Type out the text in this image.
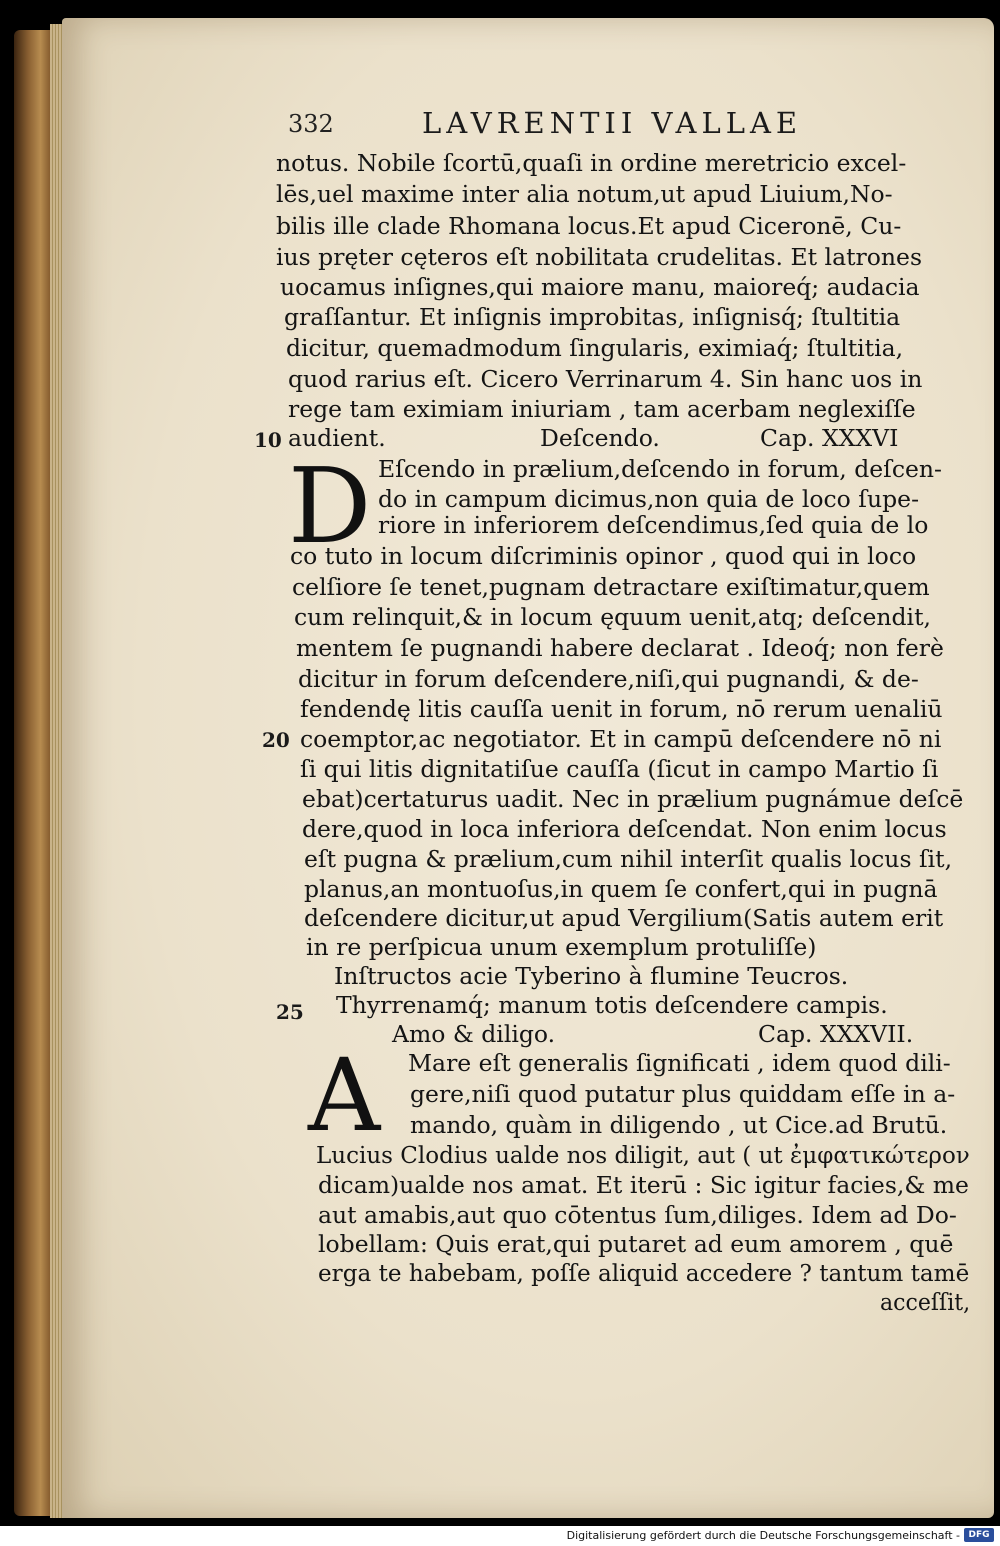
332	LAVRENTII VALLAE
notus. Nobile ſcortū,quaſi in ordine meretricio excel-
lēs,uel maxime inter alia notum,ut apud Liuium,No-
bilis ille clade Rhomana locus.Et apud Ciceronē, Cu-
ius pręter cęteros eſt nobilitata crudelitas. Et latrones
uocamus inſignes,qui maiore manu, maioreq́; audacia
graſſantur. Et inſignis improbitas, inſignisq́; ſtultitia
dicitur, quemadmodum ſingularis, eximiaq́; ſtultitia,
quod rarius eſt. Cicero Verrinarum 4. Sin hanc uos in
rege tam eximiam iniuriam , tam acerbam neglexiſſe
10 audient.	Deſcendo.	Cap. XXXVI
D Eſcendo in prælium,deſcendo in forum, deſcen-
do in campum dicimus,non quia de loco ſupe-
riore in inferiorem deſcendimus,ſed quia de lo
co tuto in locum diſcriminis opinor , quod qui in loco
celſiore ſe tenet,pugnam detractare exiſtimatur,quem
cum relinquit,& in locum ęquum uenit,atq; deſcendit,
mentem ſe pugnandi habere declarat . Ideoq́; non ferè
dicitur in forum deſcendere,niſi,qui pugnandi, & de-
fendendę litis cauſſa uenit in forum, nō rerum uenaliū
20 coemptor,ac negotiator. Et in campū deſcendere nō ni
ſi qui litis dignitatiſue cauſſa (ſicut in campo Martio ſi
ebat)certaturus uadit. Nec in prælium pugnámue deſcē
dere,quod in loca inferiora deſcendat. Non enim locus
eſt pugna & prælium,cum nihil interſit qualis locus ſit,
planus,an montuoſus,in quem ſe confert,qui in pugnā
deſcendere dicitur,ut apud Vergilium(Satis autem erit
in re perſpicua unum exemplum protuliſſe)
Inſtructos acie Tyberino à flumine Teucros.
25 Thyrrenamq́; manum totis deſcendere campis.
Amo & diligo.	Cap. XXXVII.
A Mare eſt generalis ſignificati , idem quod dili-
gere,niſi quod putatur plus quiddam eſſe in a-
mando, quàm in diligendo , ut Cice.ad Brutū.
Lucius Clodius ualde nos diligit, aut ( ut ἐμφατικώτερον
dicam)ualde nos amat. Et iterū : Sic igitur facies,& me
aut amabis,aut quo cōtentus ſum,diliges. Idem ad Do-
lobellam: Quis erat,qui putaret ad eum amorem , quē
erga te habebam, poſſe aliquid accedere ? tantum tamē
acceſſit,
Digitalisierung gefördert durch die Deutsche Forschungsgemeinschaft - DFG
